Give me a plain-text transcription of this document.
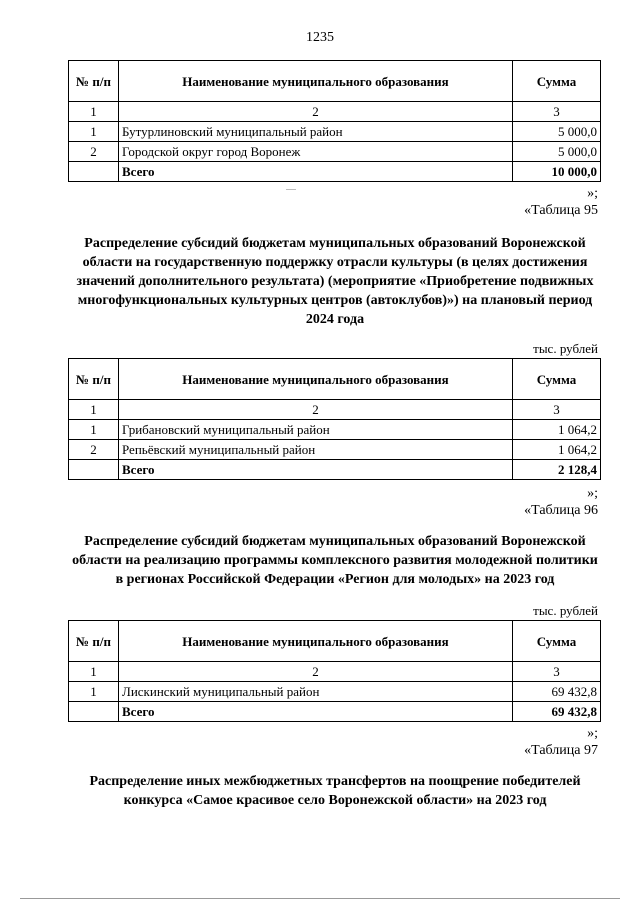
1235
№ п/п	Наименование муниципального образования	Сумма
1	2	3
1	Бутурлиновский муниципальный район	5 000,0
2	Городской округ город Воронеж	5 000,0
	Всего	10 000,0
»;
«Таблица 95
Распределение субсидий бюджетам муниципальных образований Воронежской области на государственную поддержку отрасли культуры (в целях достижения значений дополнительного результата) (мероприятие «Приобретение подвижных многофункциональных культурных центров (автоклубов)») на плановый период 2024 года
тыс. рублей
№ п/п	Наименование муниципального образования	Сумма
1	2	3
1	Грибановский муниципальный район	1 064,2
2	Репьёвский муниципальный район	1 064,2
	Всего	2 128,4
»;
«Таблица 96
Распределение субсидий бюджетам муниципальных образований Воронежской области на реализацию программы комплексного развития молодежной политики в регионах Российской Федерации «Регион для молодых» на 2023 год
тыс. рублей
№ п/п	Наименование муниципального образования	Сумма
1	2	3
1	Лискинский муниципальный район	69 432,8
	Всего	69 432,8
»;
«Таблица 97
Распределение иных межбюджетных трансфертов на поощрение победителей конкурса «Самое красивое село Воронежской области» на 2023 год
